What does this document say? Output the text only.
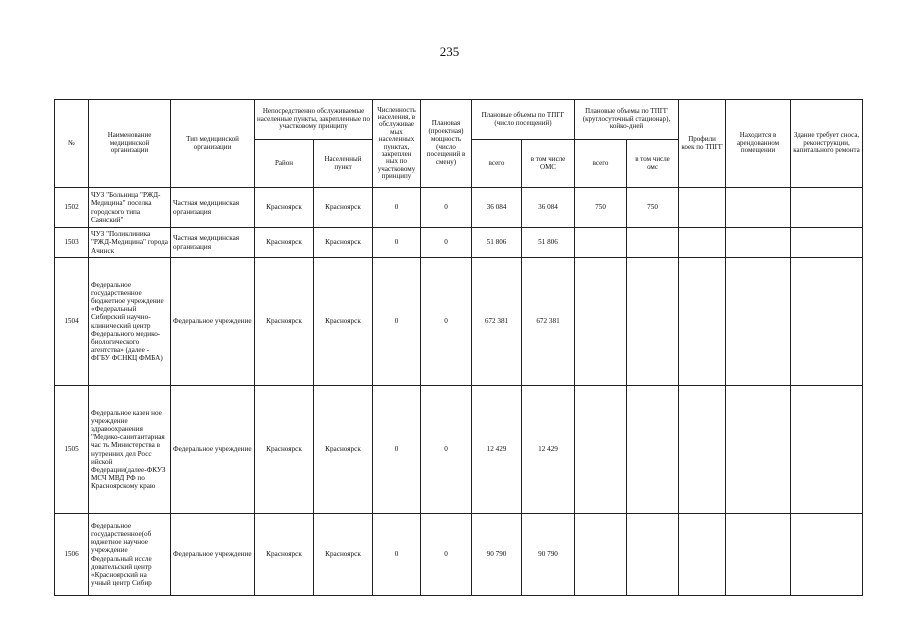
235
№	Наименование медицинской организации	Тип медицинской организации	Непосредственно обслуживаемые населенные пункты, закрепленные по участковому принципу		Численность населения, в обслуживае мых населенных пунктах, закреплен ных по участковому принципу	Плановая (проектная) мощность (число посещений в смену)	Плановые объемы по ТПГГ (число посещений)		Плановые объемы по ТПГГ (круглосуточный стационар), койко-дней		Профили коек по ТПГГ	Находится в арендованном помещении	Здание требует сноса, реконструкции, капитального ремонта
			Район	Населенный пункт			всего	в том числе ОМС	всего	в том числе омс			
1502	ЧУЗ "Больница "РЖД-Медицина" поселка городского типа Саянский"	Частная медицинская организация	Красноярск	Красноярск	0	0	36 084	36 084	750	750			
1503	ЧУЗ "Поликлиника "РЖД-Медицина" города Ачинск	Частная медицинская организация	Красноярск	Красноярск	0	0	51 806	51 806					
1504	Федеральное государственное бюджетное учреждение «Федеральный Сибирский научно-клинический центр Федерального медико-биологического агентства» (далее - ФГБУ ФСНКЦ ФМБА)	Федеральное учреждение	Красноярск	Красноярск	0	0	672 381	672 381					
1505	Федеральное казен ное учреждение здравоохранения "Медико-санитантарная час ть Министерства в нутренних дел Росс ийской Федерации(далее-ФКУЗ МСЧ МВД РФ по Красноярскому краю	Федеральное учреждение	Красноярск	Красноярск	0	0	12 429	12 429					
1506	Федеральное государственное(об юджетное научное учреждение Федеральный иссле довательский центр «Красноярский на учный центр Сибир	Федеральное учреждение	Красноярск	Красноярск	0	0	90 790	90 790					
